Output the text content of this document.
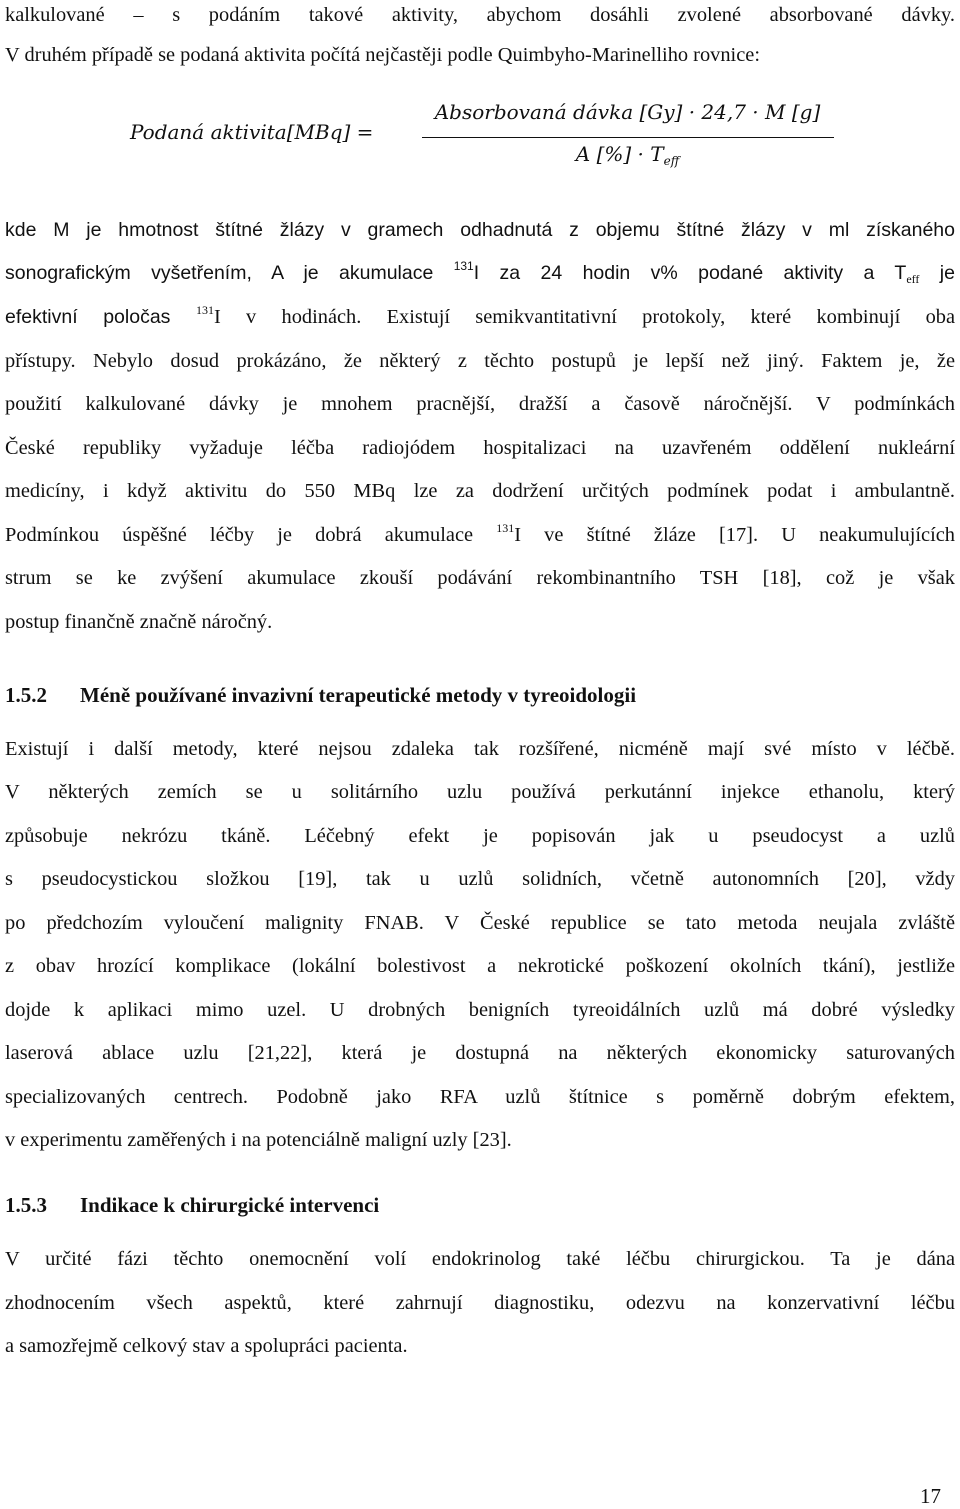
kalkulované – s podáním takové aktivity, abychom dosáhli zvolené absorbované dávky.
V druhém případě se podaná aktivita počítá nejčastěji podle Quimbyho-Marinelliho rovnice:
Podaná aktivita[MBq] =
Absorbovaná dávka [Gy] · 24,7 · M [g]
A [%] · $T_{eff}$
kde M je hmotnost štítné žlázy v gramech odhadnutá z objemu štítné žlázy v ml získaného
sonografickým vyšetřením, A je akumulace $^{131}$I za 24 hodin v% podané aktivity a $T_{eff}$ je
efektivní poločas $^{131}$I v hodinách. Existují semikvantitativní protokoly, které kombinují oba
přístupy. Nebylo dosud prokázáno, že některý z těchto postupů je lepší než jiný. Faktem je, že
použití kalkulované dávky je mnohem pracnější, dražší a časově náročnější. V podmínkách
České republiky vyžaduje léčba radiojódem hospitalizaci na uzavřeném oddělení nukleární
medicíny, i když aktivitu do 550 MBq lze za dodržení určitých podmínek podat i ambulantně.
Podmínkou úspěšné léčby je dobrá akumulace $^{131}$I ve štítné žláze [17]. U neakumulujících
strum se ke zvýšení akumulace zkouší podávání rekombinantního TSH [18], což je však
postup finančně značně náročný.
1.5.2 Méně používané invazivní terapeutické metody v tyreoidologii
Existují i další metody, které nejsou zdaleka tak rozšířené, nicméně mají své místo v léčbě.
V některých zemích se u solitárního uzlu používá perkutánní injekce ethanolu, který
způsobuje nekrózu tkáně. Léčebný efekt je popisován jak u pseudocyst a uzlů
s pseudocystickou složkou [19], tak u uzlů solidních, včetně autonomních [20], vždy
po předchozím vyloučení malignity FNAB. V České republice se tato metoda neujala zvláště
z obav hrozící komplikace (lokální bolestivost a nekrotické poškození okolních tkání), jestliže
dojde k aplikaci mimo uzel. U drobných benigních tyreoidálních uzlů má dobré výsledky
laserová ablace uzlu [21,22], která je dostupná na některých ekonomicky saturovaných
specializovaných centrech. Podobně jako RFA uzlů štítnice s poměrně dobrým efektem,
v experimentu zaměřených i na potenciálně maligní uzly [23].
1.5.3 Indikace k chirurgické intervenci
V určité fázi těchto onemocnění volí endokrinolog také léčbu chirurgickou. Ta je dána
zhodnocením všech aspektů, které zahrnují diagnostiku, odezvu na konzervativní léčbu
a samozřejmě celkový stav a spolupráci pacienta.
17
